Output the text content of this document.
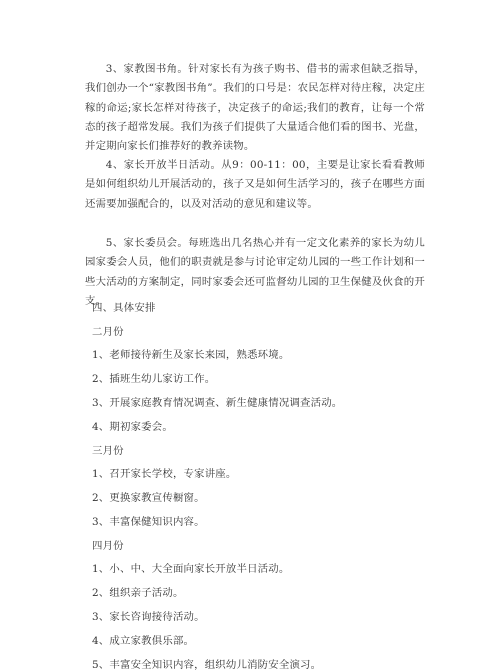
3、家教图书角。针对家长有为孩子购书、借书的需求但缺乏指导，我们创办一个“家教图书角”。我们的口号是：农民怎样对待庄稼，决定庄稼的命运;家长怎样对待孩子，决定孩子的命运;我们的教育，让每一个常态的孩子超常发展。我们为孩子们提供了大量适合他们看的图书、光盘，并定期向家长们推荐好的教养读物。
4、家长开放半日活动。从9：00-11：00，主要是让家长看看教师是如何组织幼儿开展活动的，孩子又是如何生活学习的，孩子在哪些方面还需要加强配合的，以及对活动的意见和建议等。
5、家长委员会。每班选出几名热心并有一定文化素养的家长为幼儿园家委会人员，他们的职责就是参与讨论审定幼儿园的一些工作计划和一些大活动的方案制定，同时家委会还可监督幼儿园的卫生保健及伙食的开支。
四、具体安排
二月份
1、老师接待新生及家长来园，熟悉环境。
2、插班生幼儿家访工作。
3、开展家庭教育情况调查、新生健康情况调查活动。
4、期初家委会。
三月份
1、召开家长学校，专家讲座。
2、更换家教宣传橱窗。
3、丰富保健知识内容。
四月份
1、小、中、大全面向家长开放半日活动。
2、组织亲子活动。
3、家长咨询接待活动。
4、成立家教俱乐部。
5、丰富安全知识内容，组织幼儿消防安全演习。
